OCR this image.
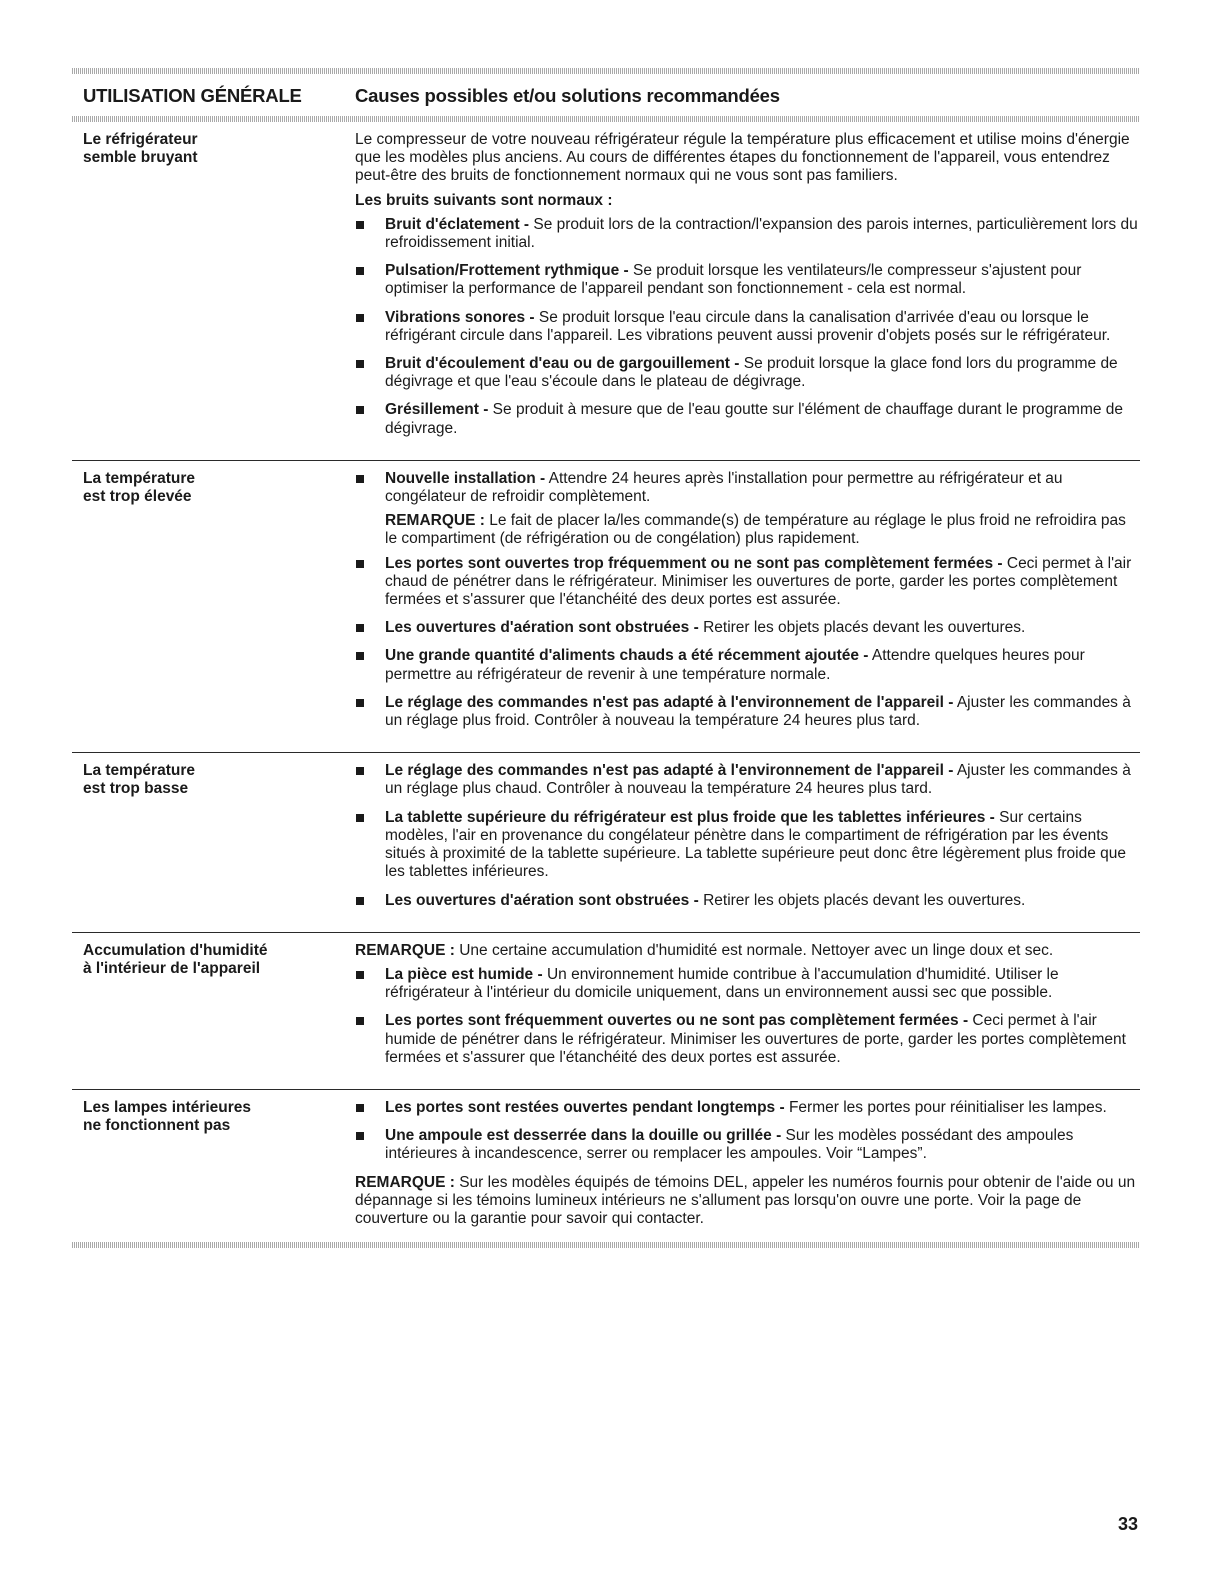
UTILISATION GÉNÉRALE	Causes possibles et/ou solutions recommandées
Le réfrigérateur
semble bruyant

Le compresseur de votre nouveau réfrigérateur régule la température plus efficacement et utilise moins d'énergie que les modèles plus anciens. Au cours de différentes étapes du fonctionnement de l'appareil, vous entendrez peut-être des bruits de fonctionnement normaux qui ne vous sont pas familiers.

Les bruits suivants sont normaux :

Bruit d'éclatement - Se produit lors de la contraction/l'expansion des parois internes, particulièrement lors du refroidissement initial.
Pulsation/Frottement rythmique - Se produit lorsque les ventilateurs/le compresseur s'ajustent pour optimiser la performance de l'appareil pendant son fonctionnement - cela est normal.
Vibrations sonores - Se produit lorsque l'eau circule dans la canalisation d'arrivée d'eau ou lorsque le réfrigérant circule dans l'appareil. Les vibrations peuvent aussi provenir d'objets posés sur le réfrigérateur.
Bruit d'écoulement d'eau ou de gargouillement - Se produit lorsque la glace fond lors du programme de dégivrage et que l'eau s'écoule dans le plateau de dégivrage.
Grésillement - Se produit à mesure que de l'eau goutte sur l'élément de chauffage durant le programme de dégivrage.
La température
est trop élevée
Nouvelle installation - Attendre 24 heures après l'installation pour permettre au réfrigérateur et au congélateur de refroidir complètement.

REMARQUE : Le fait de placer la/les commande(s) de température au réglage le plus froid ne refroidira pas le compartiment (de réfrigération ou de congélation) plus rapidement.

Les portes sont ouvertes trop fréquemment ou ne sont pas complètement fermées - Ceci permet à l'air chaud de pénétrer dans le réfrigérateur. Minimiser les ouvertures de porte, garder les portes complètement fermées et s'assurer que l'étanchéité des deux portes est assurée.
Les ouvertures d'aération sont obstruées - Retirer les objets placés devant les ouvertures.
Une grande quantité d'aliments chauds a été récemment ajoutée - Attendre quelques heures pour permettre au réfrigérateur de revenir à une température normale.
Le réglage des commandes n'est pas adapté à l'environnement de l'appareil - Ajuster les commandes à un réglage plus froid. Contrôler à nouveau la température 24 heures plus tard.
La température
est trop basse
Le réglage des commandes n'est pas adapté à l'environnement de l'appareil - Ajuster les commandes à un réglage plus chaud. Contrôler à nouveau la température 24 heures plus tard.
La tablette supérieure du réfrigérateur est plus froide que les tablettes inférieures - Sur certains modèles, l'air en provenance du congélateur pénètre dans le compartiment de réfrigération par les évents situés à proximité de la tablette supérieure. La tablette supérieure peut donc être légèrement plus froide que les tablettes inférieures.
Les ouvertures d'aération sont obstruées - Retirer les objets placés devant les ouvertures.
Accumulation d'humidité
à l'intérieur de l'appareil

REMARQUE : Une certaine accumulation d'humidité est normale. Nettoyer avec un linge doux et sec.

La pièce est humide - Un environnement humide contribue à l'accumulation d'humidité. Utiliser le réfrigérateur à l'intérieur du domicile uniquement, dans un environnement aussi sec que possible.
Les portes sont fréquemment ouvertes ou ne sont pas complètement fermées - Ceci permet à l'air humide de pénétrer dans le réfrigérateur. Minimiser les ouvertures de porte, garder les portes complètement fermées et s'assurer que l'étanchéité des deux portes est assurée.
Les lampes intérieures
ne fonctionnent pas
Les portes sont restées ouvertes pendant longtemps - Fermer les portes pour réinitialiser les lampes.
Une ampoule est desserrée dans la douille ou grillée - Sur les modèles possédant des ampoules intérieures à incandescence, serrer ou remplacer les ampoules. Voir “Lampes”.

REMARQUE : Sur les modèles équipés de témoins DEL, appeler les numéros fournis pour obtenir de l'aide ou un dépannage si les témoins lumineux intérieurs ne s'allument pas lorsqu'on ouvre une porte. Voir la page de couverture ou la garantie pour savoir qui contacter.

33
